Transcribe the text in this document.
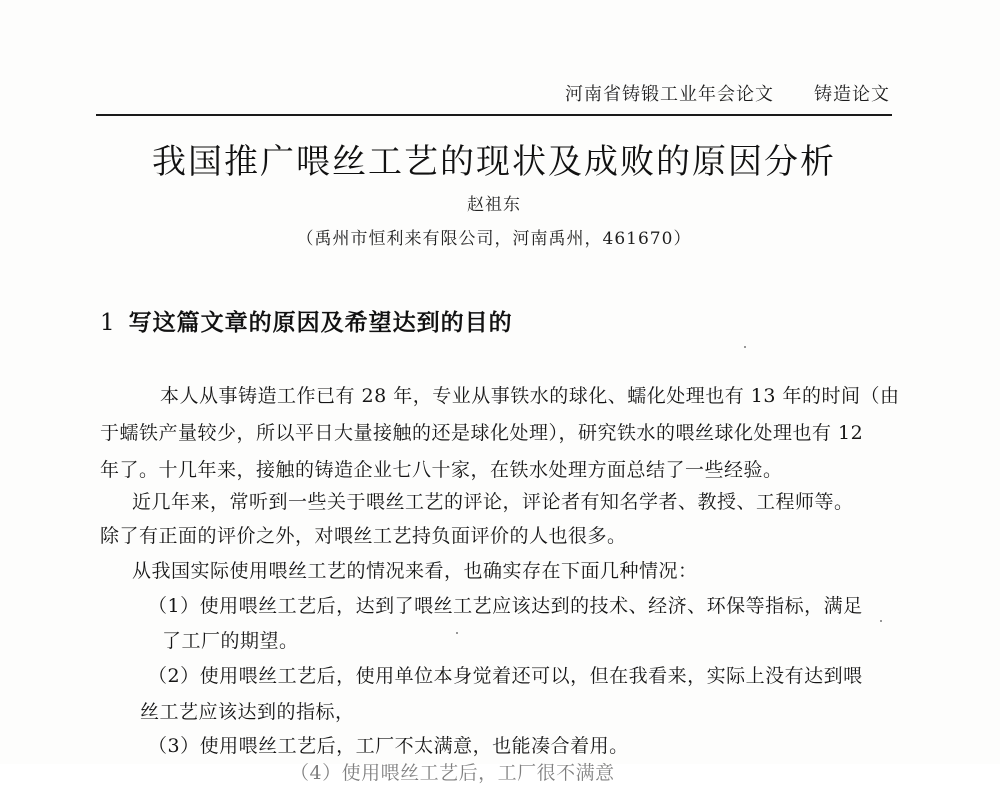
河南省铸锻工业年会论文 铸造论文
我国推广喂丝工艺的现状及成败的原因分析
赵祖东
（禹州市恒利来有限公司，河南禹州，461670）
1 写这篇文章的原因及希望达到的目的
本人从事铸造工作已有 28 年，专业从事铁水的球化、蠕化处理也有 13 年的时间（由
于蠕铁产量较少，所以平日大量接触的还是球化处理），研究铁水的喂丝球化处理也有 12
年了。十几年来，接触的铸造企业七八十家，在铁水处理方面总结了一些经验。
近几年来，常听到一些关于喂丝工艺的评论，评论者有知名学者、教授、工程师等。
除了有正面的评价之外，对喂丝工艺持负面评价的人也很多。
从我国实际使用喂丝工艺的情况来看，也确实存在下面几种情况：
（1）使用喂丝工艺后，达到了喂丝工艺应该达到的技术、经济、环保等指标，满足
了工厂的期望。
（2）使用喂丝工艺后，使用单位本身觉着还可以，但在我看来，实际上没有达到喂
丝工艺应该达到的指标，
（3）使用喂丝工艺后，工厂不太满意，也能凑合着用。
（4）使用喂丝工艺后，工厂很不满意
